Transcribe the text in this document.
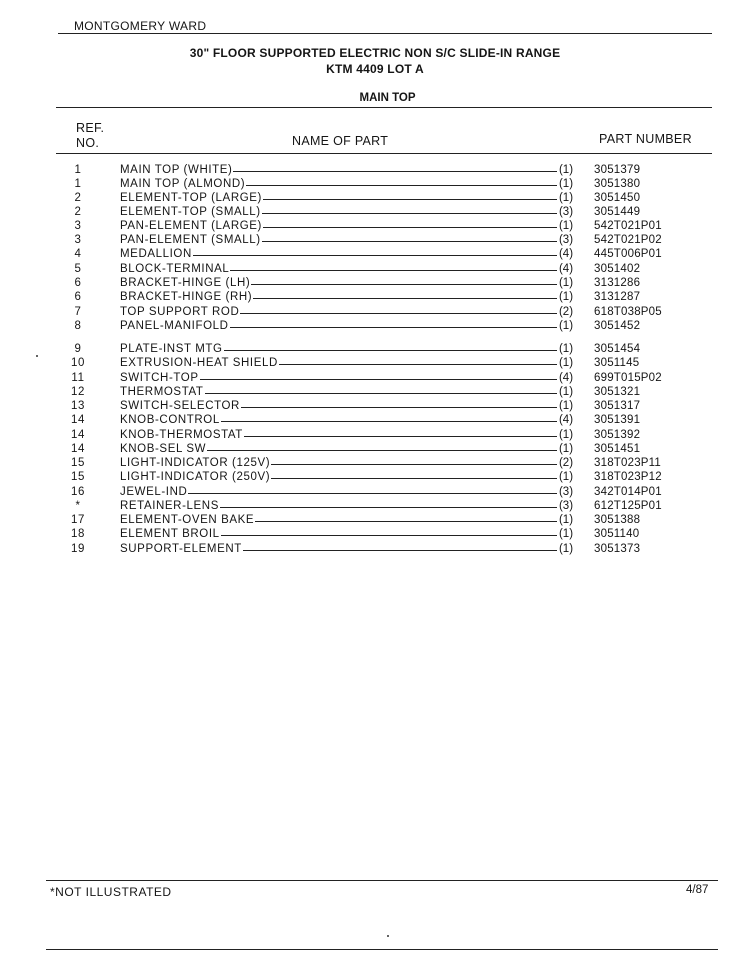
MONTGOMERY WARD
30" FLOOR SUPPORTED ELECTRIC NON S/C SLIDE-IN RANGE
KTM 4409 LOT A
MAIN TOP
REF.
NO.	NAME OF PART	PART NUMBER
1	MAIN TOP (WHITE)	(1) 3051379
1	MAIN TOP (ALMOND)	(1) 3051380
2	ELEMENT-TOP (LARGE)	(1) 3051450
2	ELEMENT-TOP (SMALL)	(3) 3051449
3	PAN-ELEMENT (LARGE)	(1) 542T021P01
3	PAN-ELEMENT (SMALL)	(3) 542T021P02
4	MEDALLION	(4) 445T006P01
5	BLOCK-TERMINAL	(4) 3051402
6	BRACKET-HINGE (LH)	(1) 3131286
6	BRACKET-HINGE (RH)	(1) 3131287
7	TOP SUPPORT ROD	(2) 618T038P05
8	PANEL-MANIFOLD	(1) 3051452
9	PLATE-INST MTG	(1) 3051454
10	EXTRUSION-HEAT SHIELD	(1) 3051145
11	SWITCH-TOP	(4) 699T015P02
12	THERMOSTAT	(1) 3051321
13	SWITCH-SELECTOR	(1) 3051317
14	KNOB-CONTROL	(4) 3051391
14	KNOB-THERMOSTAT	(1) 3051392
14	KNOB-SEL SW	(1) 3051451
15	LIGHT-INDICATOR (125V)	(2) 318T023P11
15	LIGHT-INDICATOR (250V)	(1) 318T023P12
16	JEWEL-IND	(3) 342T014P01
*	RETAINER-LENS	(3) 612T125P01
17	ELEMENT-OVEN BAKE	(1) 3051388
18	ELEMENT BROIL	(1) 3051140
19	SUPPORT-ELEMENT	(1) 3051373
*NOT ILLUSTRATED	4/87
